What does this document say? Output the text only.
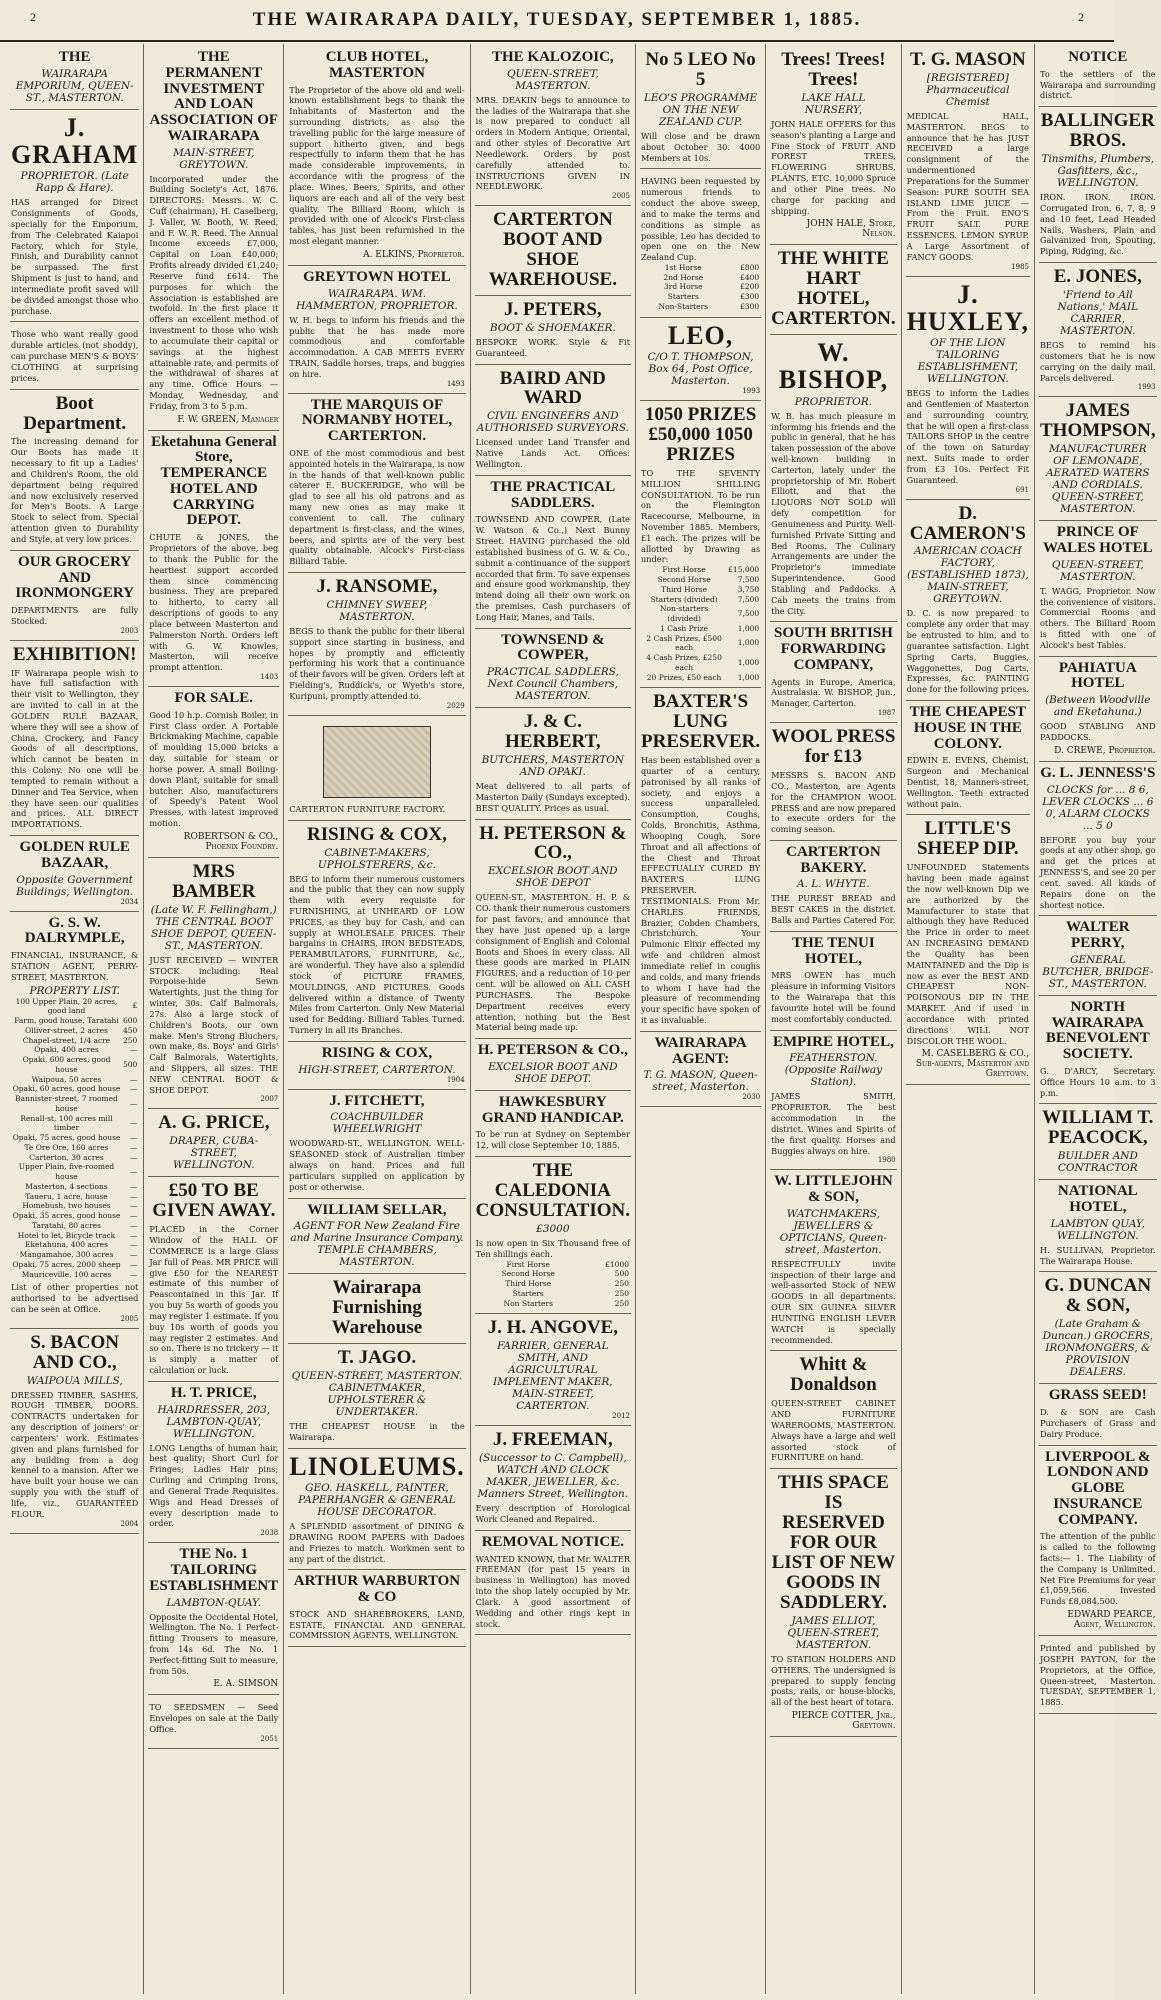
2	THE WAIRARAPA DAILY, TUESDAY, SEPTEMBER 1, 1885.	2
THE
WAIRARAPA EMPORIUM, QUEEN-ST., MASTERTON.
J. GRAHAM
PROPRIETOR. (Late Rapp & Hare).

HAS arranged for Direct Consignments of Goods, specially for the Emporium, from The Celebrated Kaiapoi Factory, which for Style, Finish, and Durability cannot be surpassed. The first Shipment is just to hand, and intermediate profit saved will be divided amongst those who purchase.

Those who want really good durable articles (not shoddy), can purchase MEN'S & BOYS' CLOTHING at surprising prices.

Boot Department.

The increasing demand for Our Boots has made it necessary to fit up a Ladies' and Children's Room, the old department being required and now exclusively reserved for Men's Boots. A Large Stock to select from. Special attention given to Durability and Style, at very low prices.

OUR GROCERY AND IRONMONGERY

DEPARTMENTS are fully Stocked.

2003
EXHIBITION!

IF Wairarapa people wish to have full satisfaction with their visit to Wellington, they are invited to call in at the GOLDEN RULE BAZAAR, where they will see a show of China, Crockery, and Fancy Goods of all descriptions, which cannot be beaten in this Colony. No one will be tempted to remain without a Dinner and Tea Service, when they have seen our qualities and prices. ALL DIRECT IMPORTATIONS.

GOLDEN RULE BAZAAR,
Opposite Government Buildings, Wellington.
2034
G. S. W. DALRYMPLE,

FINANCIAL, INSURANCE, & STATION AGENT, PERRY-STREET, MASTERTON.

PROPERTY LIST.
100 Upper Plain, 20 acres, good land	£
Farm, good house, Taratahi	600
Olliver-street, 2 acres	450
Chapel-street, 1/4 acre	250
Opaki, 400 acres	—
Opaki, 600 acres, good house	500
Waipoua, 50 acres	—
Opaki, 60 acres, good house	—
Bannister-street, 7 roomed house	—
Renall-st, 100 acres mill timber	—
Opaki, 75 acres, good house	—
Te Ore Ore, 160 acres	—
Carterton, 30 acres	—
Upper Plain, five-roomed house	—
Masterton, 4 sections	—
Taueru, 1 acre, house	—
Homebush, two houses	—
Opaki, 35 acres, good house	—
Taratahi, 80 acres	—
Hotel to let, Bicycle track	—
Eketahuna, 400 acres	—
Mangamahoe, 300 acres	—
Opaki, 75 acres, 2000 sheep	—
Mauriceville, 100 acres	—

List of other properties not authorised to be advertised can be seen at Office.

2005
S. BACON AND CO.,
WAIPOUA MILLS,

DRESSED TIMBER, SASHES, ROUGH TIMBER, DOORS. CONTRACTS undertaken for any description of joiners' or carpenters' work. Estimates given and plans furnished for any building from a dog kennel to a mansion. After we have built your house we can supply you with the stuff of life, viz., GUARANTEED FLOUR.

2004
THE PERMANENT INVESTMENT AND LOAN ASSOCIATION OF WAIRARAPA
MAIN-STREET, GREYTOWN.

Incorporated under the Building Society's Act, 1876. DIRECTORS: Messrs. W. C. Cuff (chairman), H. Caselberg, J. Valler, W. Booth, W. Reed, and F. W. R. Reed. The Annual Income exceeds £7,000, Capital on Loan £40,000; Profits already divided £1,240; Reserve fund £614. The purposes for which the Association is established are twofold. In the first place it offers an excellent method of investment to those who wish to accumulate their capital or savings at the highest attainable rate, and permits of the withdrawal of shares at any time. Office Hours — Monday, Wednesday, and Friday, from 3 to 5 p.m.

F. W. GREEN, Manager
Eketahuna General Store, TEMPERANCE HOTEL AND CARRYING DEPOT.

CHUTE & JONES, the Proprietors of the above, beg to thank the Public for the heartiest support accorded them since commencing business. They are prepared to hitherto, to carry all descriptions of goods to any place between Masterton and Palmerston North. Orders left with G. W. Knowles, Masterton, will receive prompt attention.

1403
FOR SALE.

Good 10 h.p. Cornish Boiler, in First Class order. A Portable Brickmaking Machine, capable of moulding 15,000 bricks a day, suitable for steam or horse power. A small Boiling-down Plant, suitable for small butcher. Also, manufacturers of Speedy's Patent Wool Presses, with latest improved motion.

ROBERTSON & CO., Phoenix Foundry.
MRS BAMBER
(Late W. F. Fellingham,) THE CENTRAL BOOT SHOE DEPOT, QUEEN-ST., MASTERTON.

JUST RECEIVED — WINTER STOCK including: Real Porpoise-hide Sewn Watertights, just the thing for winter, 30s. Calf Balmorals, 27s. Also a large stock of Children's Boots, our own make. Men's Strong Bluchers, own make, 8s. Boys' and Girls' Calf Balmorals, Watertights, and Slippers, all sizes. THE NEW CENTRAL BOOT & SHOE DEPOT.

2007
A. G. PRICE,
DRAPER, CUBA-STREET, WELLINGTON.
£50 TO BE GIVEN AWAY.

PLACED in the Corner Window of the HALL OF COMMERCE is a large Glass Jar full of Peas. MR PRICE will give £50 for the NEAREST estimate of this number of Peascontained in this Jar. If you buy 5s worth of goods you may register 1 estimate. If you buy 10s worth of goods you may register 2 estimates. And so on. There is no trickery — it is simply a matter of calculation or luck.

H. T. PRICE,
HAIRDRESSER, 203, LAMBTON-QUAY, WELLINGTON.

LONG Lengths of human hair, best quality; Short Curl for Fringes; Ladies Hair pins; Curling and Crimping Irons, and General Trade Requisites. Wigs and Head Dresses of every description made to order.

2038
THE No. 1 TAILORING ESTABLISHMENT
LAMBTON-QUAY.

Opposite the Occidental Hotel, Wellington. The No. 1 Perfect-fitting Trousers to measure, from 14s 6d. The No. 1 Perfect-fitting Suit to measure, from 50s.

E. A. SIMSON

TO SEEDSMEN — Seed Envelopes on sale at the Daily Office.

2051
CLUB HOTEL, MASTERTON

The Proprietor of the above old and well-known establishment begs to thank the Inhabitants of Masterton and the surrounding districts, as also the travelling public for the large measure of support hitherto given, and begs respectfully to inform them that he has made considerable improvements, in accordance with the progress of the place. Wines, Beers, Spirits, and other liquors are each and all of the very best quality. The Billiard Room, which is provided with one of Alcock's First-class tables, has just been refurnished in the most elegant manner.

A. ELKINS, Proprietor.
GREYTOWN HOTEL
WAIRARAPA. WM. HAMMERTON, PROPRIETOR.

W. H. begs to inform his friends and the public that he has made more commodious and comfortable accommodation. A CAB MEETS EVERY TRAIN. Saddle horses, traps, and buggies on hire.

1493
THE MARQUIS OF NORMANBY HOTEL, CARTERTON.

ONE of the most commodious and best appointed hotels in the Wairarapa, is now in the hands of that well-known public caterer E. BUCKERIDGE, who will be glad to see all his old patrons and as many new ones as may make it convenient to call. The culinary department is first-class, and the wines, beers, and spirits are of the very best quality obtainable. Alcock's First-class Billiard Table.

J. RANSOME,
CHIMNEY SWEEP, MASTERTON.

BEGS to thank the public for their liberal support since starting in business, and hopes by promptly and efficiently performing his work that a continuance of their favors will be given. Orders left at Fielding's, Ruddick's, or Wyeth's store, Kuripuni, promptly attended to.

2029

CARTERTON FURNITURE FACTORY.

RISING & COX,
CABINET-MAKERS, UPHOLSTERERS, &c.

BEG to inform their numerous customers and the public that they can now supply them with every requisite for FURNISHING, at UNHEARD OF LOW PRICES, as they buy for Cash, and can supply at WHOLESALE PRICES. Their bargains in CHAIRS, IRON BEDSTEADS, PERAMBULATORS, FURNITURE, &c., are wonderful. They have also a splendid stock of PICTURE FRAMES, MOULDINGS, AND PICTURES. Goods delivered within a distance of Twenty Miles from Carterton. Only New Material used for Bedding. Billiard Tables Turned. Turnery in all its Branches.

RISING & COX,
HIGH-STREET, CARTERTON.
1904
J. FITCHETT,
COACHBUILDER WHEELWRIGHT

WOODWARD-ST., WELLINGTON. WELL-SEASONED stock of Australian timber always on hand. Prices and full particulars supplied on application by post or otherwise.

WILLIAM SELLAR,
AGENT FOR New Zealand Fire and Marine Insurance Company. TEMPLE CHAMBERS, MASTERTON.
Wairarapa Furnishing Warehouse
T. JAGO.
QUEEN-STREET, MASTERTON. CABINETMAKER, UPHOLSTERER & UNDERTAKER.

THE CHEAPEST HOUSE in the Wairarapa.

LINOLEUMS.
GEO. HASKELL, PAINTER, PAPERHANGER & GENERAL HOUSE DECORATOR.

A SPLENDID assortment of DINING & DRAWING ROOM PAPERS with Dadoes and Friezes to match. Workmen sent to any part of the district.

ARTHUR WARBURTON & CO

STOCK AND SHAREBROKERS, LAND, ESTATE, FINANCIAL AND GENERAL COMMISSION AGENTS, WELLINGTON.

THE KALOZOIC,
QUEEN-STREET, MASTERTON.

MRS. DEAKIN begs to announce to the ladies of the Wairarapa that she is now prepared to conduct all orders in Modern Antique, Oriental, and other styles of Decorative Art Needlework. Orders by post carefully attended to. INSTRUCTIONS GIVEN IN NEEDLEWORK.

2005
CARTERTON BOOT AND SHOE WAREHOUSE.
J. PETERS,
BOOT & SHOEMAKER.

BESPOKE WORK. Style & Fit Guaranteed.

BAIRD AND WARD
CIVIL ENGINEERS AND AUTHORISED SURVEYORS.

Licensed under Land Transfer and Native Lands Act. Offices: Wellington.

THE PRACTICAL SADDLERS.

TOWNSEND AND COWPER, (Late W. Watson & Co.,) Next Bunny Street. HAVING purchased the old established business of G. W. & Co., submit a continuance of the support accorded that firm. To save expenses and ensure good workmanship, they intend doing all their own work on the premises. Cash purchasers of Long Hair, Manes, and Tails.

TOWNSEND & COWPER,
PRACTICAL SADDLERS, Next Council Chambers, MASTERTON.
J. & C. HERBERT,
BUTCHERS, MASTERTON AND OPAKI.

Meat delivered to all parts of Masterton Daily (Sundays excepted). BEST QUALITY. Prices as usual.

H. PETERSON & CO.,
EXCELSIOR BOOT AND SHOE DEPOT

QUEEN-ST., MASTERTON. H. P. & CO. thank their numerous customers for past favors, and announce that they have just opened up a large consignment of English and Colonial Boots and Shoes in every class. All these goods are marked in PLAIN FIGURES, and a reduction of 10 per cent. will be allowed on ALL CASH PURCHASES. The Bespoke Department receives every attention, nothing but the Best Material being made up.

H. PETERSON & CO.,
EXCELSIOR BOOT AND SHOE DEPOT.
HAWKESBURY GRAND HANDICAP.

To be run at Sydney on September 12, will close September 10, 1885.

THE CALEDONIA CONSULTATION.
£3000

Is now open in Six Thousand free of Ten shillings each.

First Horse	£1000
Second Horse	500
Third Horse	250
Starters	250
Non Starters	250
J. H. ANGOVE,
FARRIER, GENERAL SMITH, AND AGRICULTURAL IMPLEMENT MAKER, MAIN-STREET, CARTERTON.
2012
J. FREEMAN,
(Successor to C. Campbell), WATCH AND CLOCK MAKER, JEWELLER, &c. Manners Street, Wellington.

Every description of Horological Work Cleaned and Repaired.

REMOVAL NOTICE.

WANTED KNOWN, that Mr. WALTER FREEMAN (for past 15 years in business in Wellington) has moved into the shop lately occupied by Mr. Clark. A good assortment of Wedding and other rings kept in stock.

No 5 LEO No 5
LEO'S PROGRAMME ON THE NEW ZEALAND CUP.

Will close and be drawn about October 30. 4000 Members at 10s.

HAVING been requested by numerous friends to conduct the above sweep, and to make the terms and conditions as simple as possible, Leo has decided to open one on the New Zealand Cup.

1st Horse	£800
2nd Horse	£400
3rd Horse	£200
Starters	£300
Non-Starters	£300
LEO,
C/O T. THOMPSON, Box 64, Post Office, Masterton.
1993
1050 PRIZES £50,000 1050 PRIZES

TO THE SEVENTY MILLION SHILLING CONSULTATION. To be run on the Flemington Racecourse, Melbourne, in November 1885. Members, £1 each. The prizes will be allotted by Drawing as under:

First Horse	£15,000
Second Horse	7,500
Third Horse	3,750
Starters (divided)	7,500
Non-starters (divided)	7,500
1 Cash Prize	1,000
2 Cash Prizes, £500 each	1,000
4 Cash Prizes, £250 each	1,000
20 Prizes, £50 each	1,000
BAXTER'S LUNG PRESERVER.

Has been established over a quarter of a century, patronised by all ranks of society, and enjoys a success unparalleled. Consumption, Coughs, Colds, Bronchitis, Asthma, Whooping Cough, Sore Throat and all affections of the Chest and Throat EFFECTUALLY CURED BY BAXTER'S LUNG PRESERVER. TESTIMONIALS. From Mr. CHARLES FRIENDS, Brazier, Cobden Chambers, Christchurch. Your Pulmonic Elixir effected my wife and children almost immediate relief in coughs and colds, and many friends to whom I have had the pleasure of recommending your specific have spoken of it as invaluable.

WAIRARAPA AGENT:
T. G. MASON, Queen-street, Masterton.
2030
Trees! Trees! Trees!
LAKE HALL NURSERY,

JOHN HALE OFFERS for this season's planting a Large and Fine Stock of FRUIT AND FOREST TREES, FLOWERING SHRUBS, PLANTS, ETC. 10,000 Spruce and other Pine trees. No charge for packing and shipping.

JOHN HALE, Stoke, Nelson.
THE WHITE HART HOTEL, CARTERTON.
W. BISHOP,
PROPRIETOR.

W. B. has much pleasure in informing his friends and the public in general, that he has taken possession of the above well-known building in Carterton, lately under the proprietorship of Mr. Robert Elliott, and that the LIQUORS NOT SOLD will defy competition for Genuineness and Purity. Well-furnished Private Sitting and Bed Rooms. The Culinary Arrangements are under the Proprietor's immediate Superintendence. Good Stabling and Paddocks. A Cab meets the trains from the City.

SOUTH BRITISH FORWARDING COMPANY,

Agents in Europe, America, Australasia. W. BISHOP, Jun., Manager, Carterton.

1987
WOOL PRESS for £13

MESSRS S. BACON AND CO., Masterton, are Agents for the CHAMPION WOOL PRESS and are now prepared to execute orders for the coming season.

CARTERTON BAKERY.
A. L. WHYTE.

THE PUREST BREAD and BEST CAKES in the district. Balls and Parties Catered For.

THE TENUI HOTEL,

MRS OWEN has much pleasure in informing Visitors to the Wairarapa that this favourite hotel will be found most comfortably conducted.

EMPIRE HOTEL,
FEATHERSTON. (Opposite Railway Station).

JAMES SMITH, PROPRIETOR. The best accommodation in the district. Wines and Spirits of the first quality. Horses and Buggies always on hire.

1980
W. LITTLEJOHN & SON,
WATCHMAKERS, JEWELLERS & OPTICIANS, Queen-street, Masterton.

RESPECTFULLY invite inspection of their large and well-assorted Stock of NEW GOODS in all departments. OUR SIX GUINEA SILVER HUNTING ENGLISH LEVER WATCH is specially recommended.

Whitt & Donaldson

QUEEN-STREET CABINET AND FURNITURE WAREROOMS, MASTERTON. Always have a large and well assorted stock of FURNITURE on hand.

THIS SPACE IS RESERVED FOR OUR LIST OF NEW GOODS IN SADDLERY.
JAMES ELLIOT, QUEEN-STREET, MASTERTON.

TO STATION HOLDERS AND OTHERS. The undersigned is prepared to supply fencing posts, rails, or house-blocks, all of the best heart of totara.

PIERCE COTTER, Jnr., Greytown.
T. G. MASON
[REGISTERED] Pharmaceutical Chemist

MEDICAL HALL, MASTERTON. BEGS to announce that he has JUST RECEIVED a large consignment of the undermentioned Preparations for the Summer Season: PURE SOUTH SEA ISLAND LIME JUICE — From the Fruit. ENO'S FRUIT SALT. PURE ESSENCES. LEMON SYRUP. A Large Assortment of FANCY GOODS.

1985
J. HUXLEY,
OF THE LION TAILORING ESTABLISHMENT, WELLINGTON.

BEGS to inform the Ladies and Gentlemen of Masterton and surrounding country, that he will open a first-class TAILORS SHOP in the centre of the town on Saturday next. Suits made to order from £3 10s. Perfect Fit Guaranteed.

691
D. CAMERON'S
AMERICAN COACH FACTORY, (ESTABLISHED 1873), MAIN-STREET, GREYTOWN.

D. C. is now prepared to complete any order that may be entrusted to him, and to guarantee satisfaction. Light Spring Carts, Buggies, Waggonettes, Dog Carts, Expresses, &c. PAINTING done for the following prices.

THE CHEAPEST HOUSE IN THE COLONY.

EDWIN E. EVENS, Chemist, Surgeon and Mechanical Dentist, 18, Manners-street, Wellington. Teeth extracted without pain.

LITTLE'S SHEEP DIP.

UNFOUNDED Statements having been made against the now well-known Dip we are authorized by the Manufacturer to state that although they have Reduced the Price in order to meet AN INCREASING DEMAND the Quality has been MAINTAINED and the Dip is now as ever the BEST AND CHEAPEST NON-POISONOUS DIP IN THE MARKET. And if used in accordance with printed directions WILL NOT DISCOLOR THE WOOL.

M. CASELBERG & CO., Sub-agents, Masterton and Greytown.
NOTICE

To the settlers of the Wairarapa and surrounding district.

BALLINGER BROS.
Tinsmiths, Plumbers, Gasfitters, &c., WELLINGTON.

IRON. IRON. IRON. Corrugated Iron, 6, 7, 8, 9 and 10 feet, Lead Headed Nails, Washers, Plain and Galvanized Iron, Spouting, Piping, Ridging, &c.

E. JONES,
'Friend to All Nations,' MAIL CARRIER, MASTERTON.

BEGS to remind his customers that he is now carrying on the daily mail. Parcels delivered.

1993
JAMES THOMPSON,
MANUFACTURER OF LEMONADE, AERATED WATERS AND CORDIALS. QUEEN-STREET, MASTERTON.
PRINCE OF WALES HOTEL
QUEEN-STREET, MASTERTON.

T. WAGG, Proprietor. Now the convenience of visitors. Commercial Rooms and others. The Billiard Room is fitted with one of Alcock's best Tables.

PAHIATUA HOTEL
(Between Woodville and Eketahuna.)

GOOD STABLING AND PADDOCKS.

D. CREWE, Proprietor.
G. L. JENNESS'S
CLOCKS for ... 8 6, LEVER CLOCKS ... 6 0, ALARM CLOCKS ... 5 0

BEFORE you buy your goods at any other shop, go and get the prices at JENNESS'S, and see 20 per cent. saved. All kinds of Repairs done on the shortest notice.

WALTER PERRY,
GENERAL BUTCHER, BRIDGE-ST., MASTERTON.
NORTH WAIRARAPA BENEVOLENT SOCIETY.

G. D'ARCY, Secretary. Office Hours 10 a.m. to 3 p.m.

WILLIAM T. PEACOCK,
BUILDER AND CONTRACTOR
NATIONAL HOTEL,
LAMBTON QUAY, WELLINGTON.

H. SULLIVAN, Proprietor. The Wairarapa House.

G. DUNCAN & SON,
(Late Graham & Duncan.) GROCERS, IRONMONGERS, & PROVISION DEALERS.
GRASS SEED!

D. & SON are Cash Purchasers of Grass and Dairy Produce.

LIVERPOOL & LONDON AND GLOBE INSURANCE COMPANY.

The attention of the public is called to the following facts:— 1. The Liability of the Company is Unlimited. Net Fire Premiums for year £1,059,566. Invested Funds £8,084,500.

EDWARD PEARCE, Agent, Wellington.

Printed and published by JOSEPH PAYTON, for the Proprietors, at the Office, Queen-street, Masterton. TUESDAY, SEPTEMBER 1, 1885.
